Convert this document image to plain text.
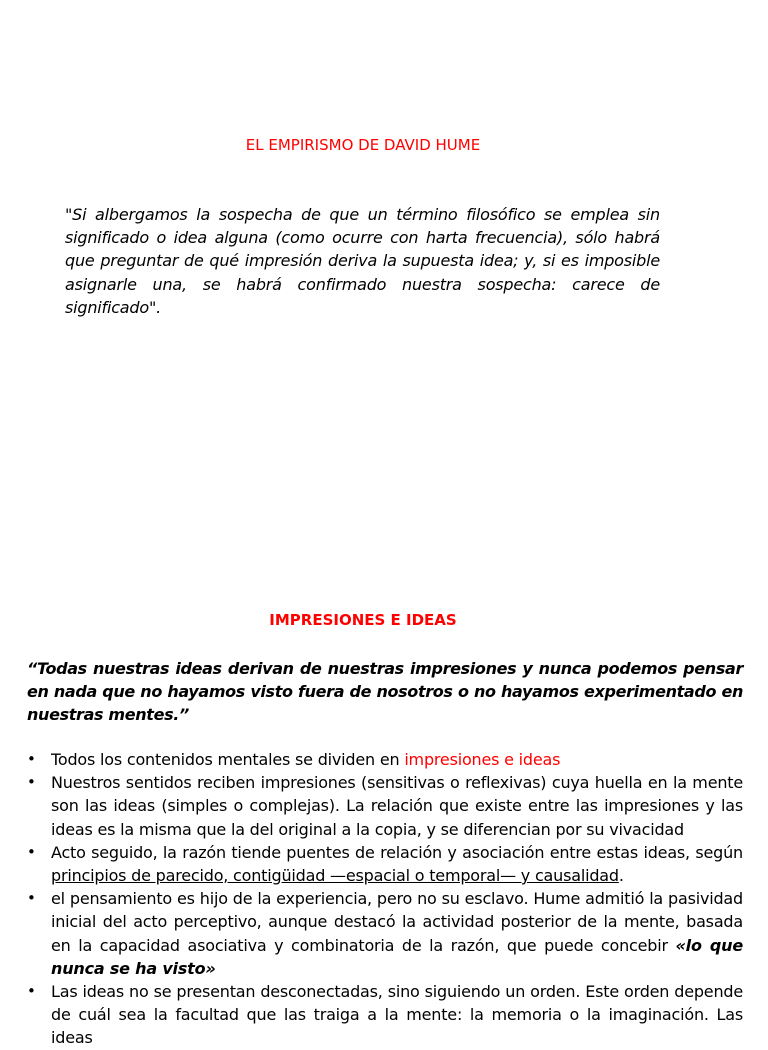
EL EMPIRISMO DE DAVID HUME

"Si albergamos la sospecha de que un término filosófico se emplea sin significado o idea alguna (como ocurre con harta frecuencia), sólo habrá que preguntar de qué impresión deriva la supuesta idea; y, si es imposible asignarle una, se habrá confirmado nuestra sospecha: carece de significado".

IMPRESIONES E IDEAS

“Todas nuestras ideas derivan de nuestras impresiones y nunca podemos pensar en nada que no hayamos visto fuera de nosotros o no hayamos experimentado en nuestras mentes.”

• Todos los contenidos mentales se dividen en impresiones e ideas
• Nuestros sentidos reciben impresiones (sensitivas o reflexivas) cuya huella en la mente son las ideas (simples o complejas). La relación que existe entre las impresiones y las ideas es la misma que la del original a la copia, y se diferencian por su vivacidad
• Acto seguido, la razón tiende puentes de relación y asociación entre estas ideas, según principios de parecido, contigüidad —espacial o temporal— y causalidad.
• el pensamiento es hijo de la experiencia, pero no su esclavo. Hume admitió la pasividad inicial del acto perceptivo, aunque destacó la actividad posterior de la mente, basada en la capacidad asociativa y combinatoria de la razón, que puede concebir «lo que nunca se ha visto»
• Las ideas no se presentan desconectadas, sino siguiendo un orden. Este orden depende de cuál sea la facultad que las traiga a la mente: la memoria o la imaginación. Las ideas
